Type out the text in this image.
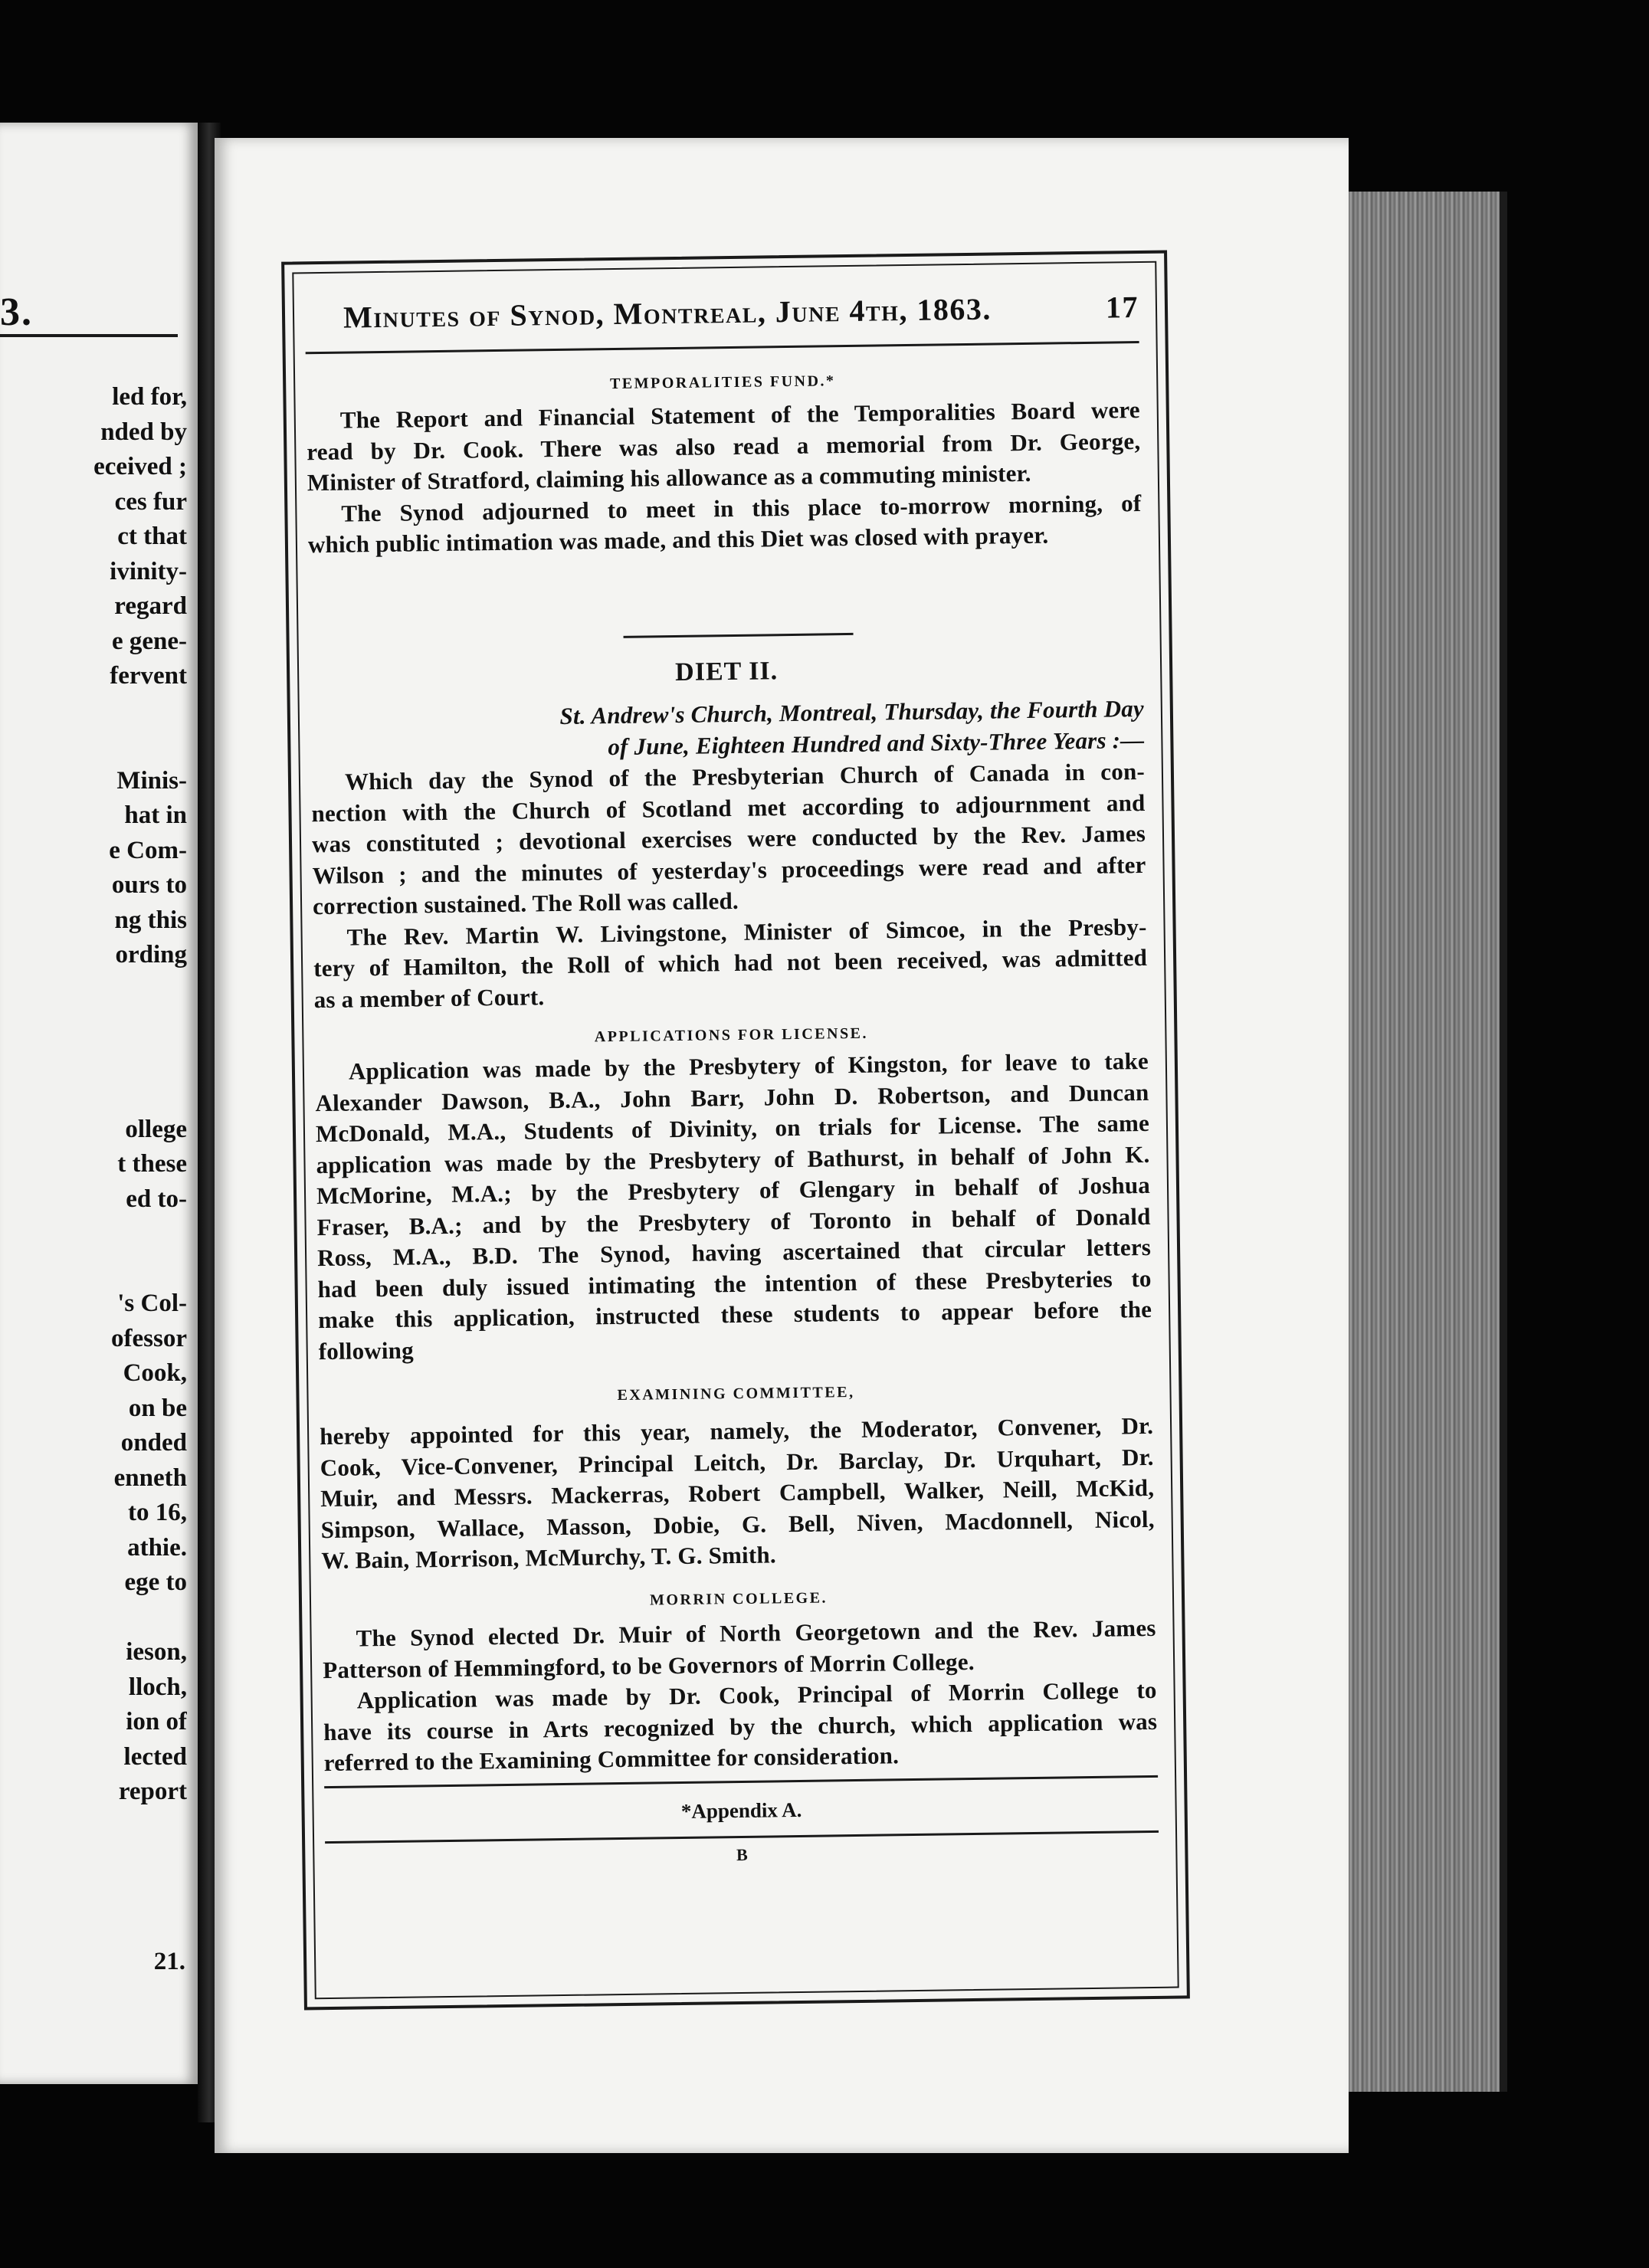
3.
led for,
nded by
eceived ;
ces fur
ct that
ivinity-
regard
e gene-
fervent
Minis-
hat in
e Com-
ours to
ng this
ording
ollege
t these
ed to-
's Col-
ofessor
Cook,
on be
onded
enneth
to 16,
athie.
ege to
ieson,
lloch,
ion of
lected
report
21.
Minutes of Synod, Montreal, June 4th, 1863.	17
TEMPORALITIES FUND.*
The Report and Financial Statement of the Temporalities Board were
read by Dr. Cook. There was also read a memorial from Dr. George,
Minister of Stratford, claiming his allowance as a commuting minister.
The Synod adjourned to meet in this place to-morrow morning, of
which public intimation was made, and this Diet was closed with prayer.
DIET II.
St. Andrew's Church, Montreal, Thursday, the Fourth Day
of June, Eighteen Hundred and Sixty-Three Years :—
Which day the Synod of the Presbyterian Church of Canada in con-
nection with the Church of Scotland met according to adjournment and
was constituted ; devotional exercises were conducted by the Rev. James
Wilson ; and the minutes of yesterday's proceedings were read and after
correction sustained. The Roll was called.
The Rev. Martin W. Livingstone, Minister of Simcoe, in the Presby-
tery of Hamilton, the Roll of which had not been received, was admitted
as a member of Court.
APPLICATIONS FOR LICENSE.
Application was made by the Presbytery of Kingston, for leave to take
Alexander Dawson, B.A., John Barr, John D. Robertson, and Duncan
McDonald, M.A., Students of Divinity, on trials for License. The same
application was made by the Presbytery of Bathurst, in behalf of John K.
McMorine, M.A.; by the Presbytery of Glengary in behalf of Joshua
Fraser, B.A.; and by the Presbytery of Toronto in behalf of Donald
Ross, M.A., B.D. The Synod, having ascertained that circular letters
had been duly issued intimating the intention of these Presbyteries to
make this application, instructed these students to appear before the
following
EXAMINING COMMITTEE,
hereby appointed for this year, namely, the Moderator, Convener, Dr.
Cook, Vice-Convener, Principal Leitch, Dr. Barclay, Dr. Urquhart, Dr.
Muir, and Messrs. Mackerras, Robert Campbell, Walker, Neill, McKid,
Simpson, Wallace, Masson, Dobie, G. Bell, Niven, Macdonnell, Nicol,
W. Bain, Morrison, McMurchy, T. G. Smith.
MORRIN COLLEGE.
The Synod elected Dr. Muir of North Georgetown and the Rev. James
Patterson of Hemmingford, to be Governors of Morrin College.
Application was made by Dr. Cook, Principal of Morrin College to
have its course in Arts recognized by the church, which application was
referred to the Examining Committee for consideration.
*Appendix A.
B
